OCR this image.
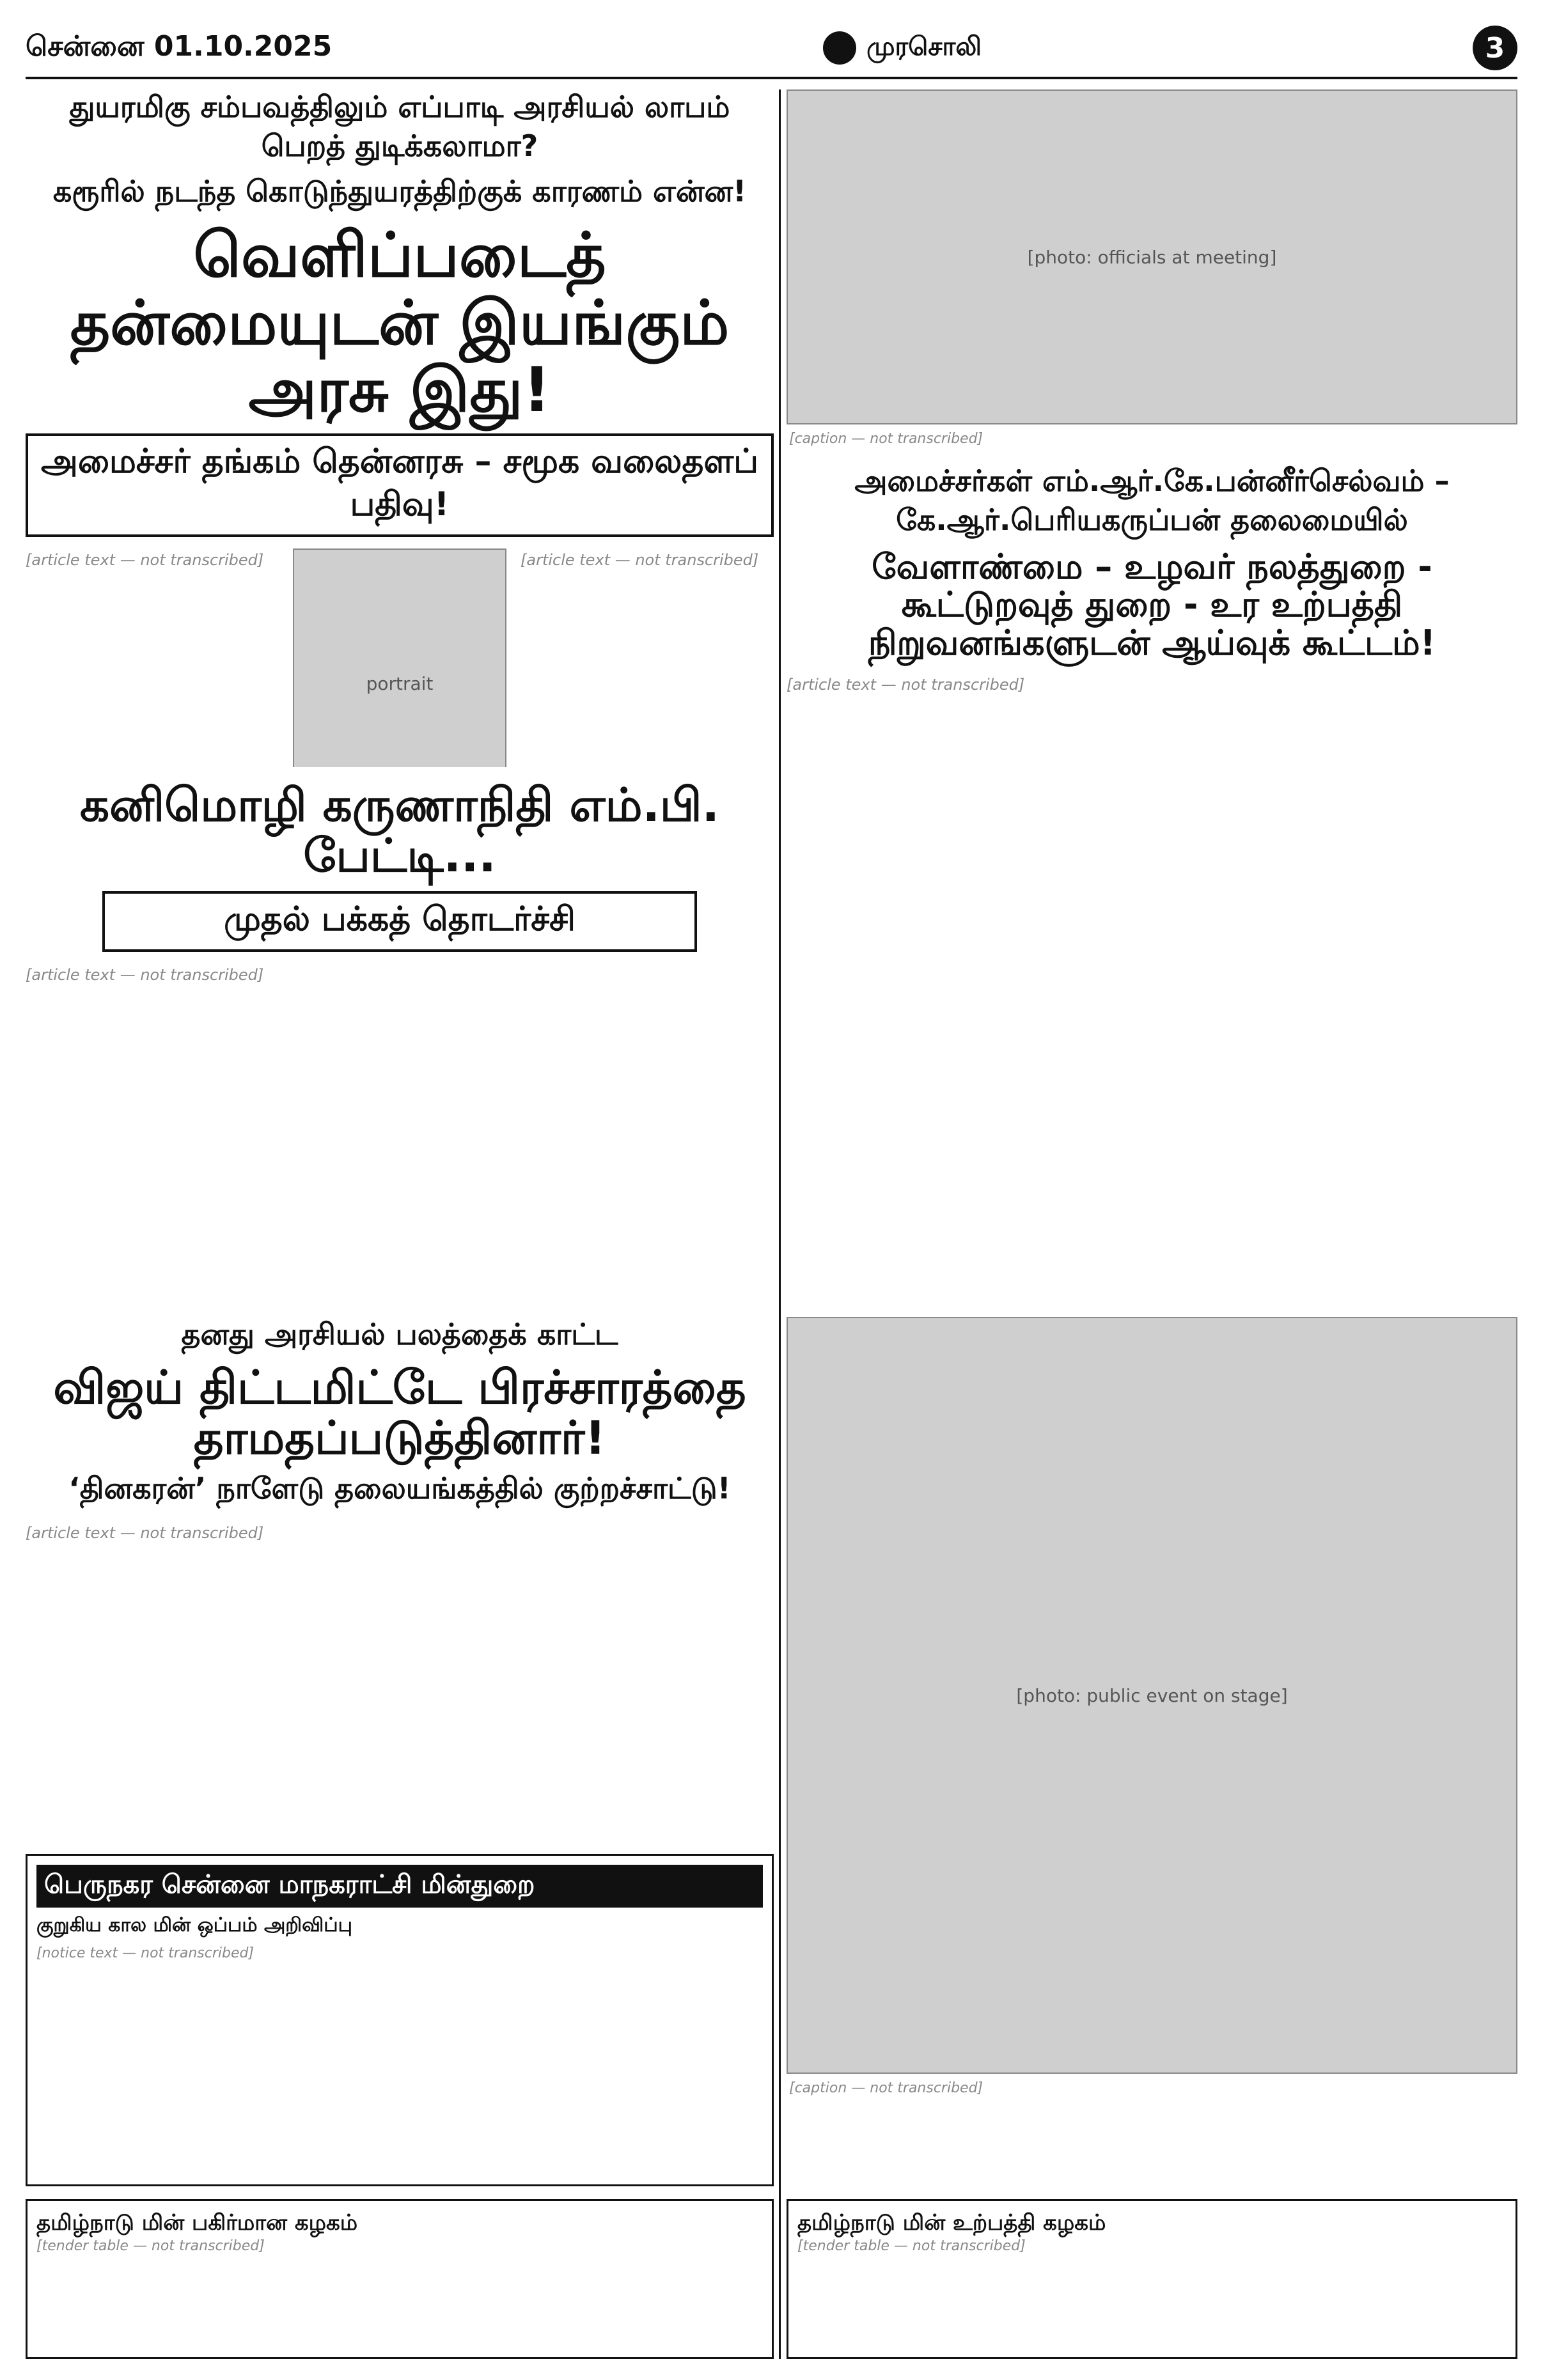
சென்னை 01.10.2025	முரசொலி	3
துயரமிகு சம்பவத்திலும் எப்பாடி அரசியல் லாபம் பெறத் துடிக்கலாமா?
கரூரில் நடந்த கொடுந்துயரத்திற்குக் காரணம் என்ன!
வெளிப்படைத் தன்மையுடன் இயங்கும் அரசு இது!
அமைச்சர் தங்கம் தென்னரசு – சமூக வலைதளப் பதிவு!
[article text — not transcribed]
portrait
[article text — not transcribed]
கனிமொழி கருணாநிதி எம்.பி. பேட்டி...
முதல் பக்கத் தொடர்ச்சி
[article text — not transcribed]
தனது அரசியல் பலத்தைக் காட்ட
விஜய் திட்டமிட்டே பிரச்சாரத்தை தாமதப்படுத்தினார்!
‘தினகரன்’ நாளேடு தலையங்கத்தில் குற்றச்சாட்டு!
[article text — not transcribed]
பெருநகர சென்னை மாநகராட்சி மின்துறை
குறுகிய கால மின் ஒப்பம் அறிவிப்பு
[notice text — not transcribed]
தமிழ்நாடு மின் பகிர்மான கழகம்
[tender table — not transcribed]
[photo: officials at meeting]
[caption — not transcribed]
அமைச்சர்கள் எம்.ஆர்.கே.பன்னீர்செல்வம் – கே.ஆர்.பெரியகருப்பன் தலைமையில்
வேளாண்மை – உழவர் நலத்துறை - கூட்டுறவுத் துறை - உர உற்பத்தி நிறுவனங்களுடன் ஆய்வுக் கூட்டம்!
[article text — not transcribed]
[photo: public event on stage]
[caption — not transcribed]
தமிழ்நாடு மின் உற்பத்தி கழகம்
[tender table — not transcribed]
